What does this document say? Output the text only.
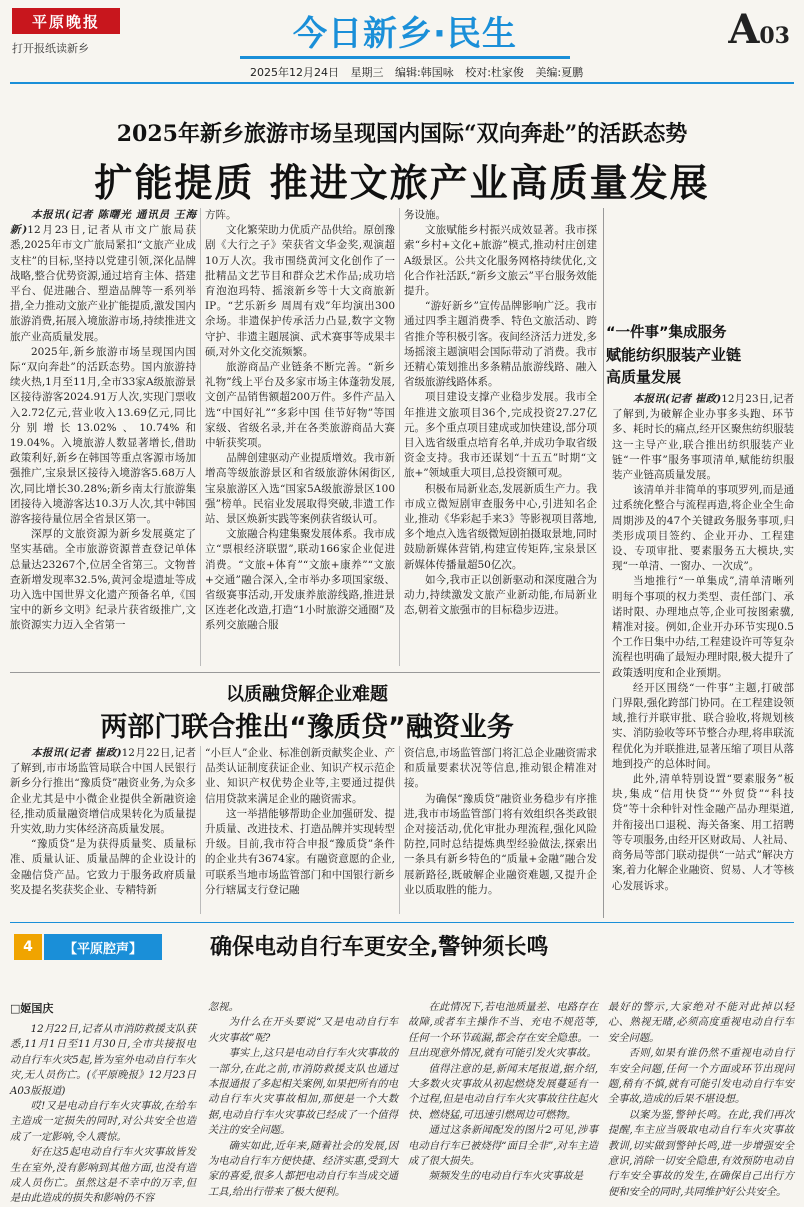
平原晚报
打开报纸读新乡	今日新乡·民生	A03
2025年12月24日 星期三 编辑:韩国咏 校对:杜家俊 美编:夏鹏
2025年新乡旅游市场呈现国内国际“双向奔赴”的活跃态势
扩能提质 推进文旅产业高质量发展

本报讯(记者 陈曙光 通讯员 王海新)12月23日,记者从市文广旅局获悉,2025年市文广旅局紧扣“文旅产业成支柱”的目标,坚持以党建引领,深化品牌战略,整合优势资源,通过培育主体、搭建平台、促进融合、塑造品牌等一系列举措,全力推动文旅产业扩能提质,激发国内旅游消费,拓展入境旅游市场,持续推进文旅产业高质量发展。

2025年,新乡旅游市场呈现国内国际“双向奔赴”的活跃态势。国内旅游持续火热,1月至11月,全市33家A级旅游景区接待游客2024.91万人次,实现门票收入2.72亿元,营业收入13.69亿元,同比分别增长13.02%、10.74%和19.04%。入境旅游人数显著增长,借助政策利好,新乡在韩国等重点客源市场加强推广,宝泉景区接待入境游客5.68万人次,同比增长30.28%;新乡南太行旅游集团接待入境游客达10.3万人次,其中韩国游客接待量位居全省景区第一。

深厚的文旅资源为新乡发展奠定了坚实基础。全市旅游资源普查登记单体总量达23267个,位居全省第三。文物普查新增发现率32.5%,黄河金堤遗址等成功入选中国世界文化遗产预备名单,《国宝中的新乡文明》纪录片获省级推广,文旅资源实力迈入全省第一

方阵。

文化繁荣助力优质产品供给。原创豫剧《大行之子》荣获省文华金奖,观演超10万人次。我市围绕黄河文化创作了一批精品文艺节目和群众艺术作品;成功培育泡泡玛特、摇滚新乡等十大文商旅新IP。“艺乐新乡 周周有戏”年均演出300余场。非遗保护传承活力凸显,数字文物守护、非遗主题展演、武术赛事等成果丰硕,对外文化交流频繁。

旅游商品产业链条不断完善。“新乡礼物”线上平台及多家市场主体蓬勃发展,文创产品销售额超200万件。多件产品入选“中国好礼”“多彩中国 佳节好物”等国家级、省级名录,并在各类旅游商品大赛中斩获奖项。

品牌创建驱动产业提质增效。我市新增高等级旅游景区和省级旅游休闲街区,宝泉旅游区入选“国家5A级旅游景区100强”榜单。民宿业发展取得突破,非遗工作站、景区焕新实践等案例获省级认可。

文旅融合构建集聚发展体系。我市成立“票根经济联盟”,联动166家企业促进消费。“文旅+体育”“文旅+康养”“文旅+交通”融合深入,全市举办多项国家级、省级赛事活动,开发康养旅游线路,推进景区连老化改造,打造“1小时旅游交通圈”及系列交旅融合服

务设施。

文旅赋能乡村振兴成效显著。我市探索“乡村+文化+旅游”模式,推动村庄创建A级景区。公共文化服务网格持续优化,文化合作社活跃,“新乡文旅云”平台服务效能提升。

“游好新乡”宣传品牌影响广泛。我市通过四季主题消费季、特色文旅活动、跨省推介等积极引客。夜间经济活力迸发,多场摇滚主题演唱会国际带动了消费。我市还精心策划推出多条精品旅游线路、融入省级旅游线路体系。

项目建设支撑产业稳步发展。我市全年推进文旅项目36个,完成投资27.27亿元。多个重点项目建成或加快建设,部分项目入选省级重点培育名单,并成功争取省级资金支持。我市还谋划“十五五”时期“文旅+”领域重大项目,总投资额可观。

积极布局新业态,发展新质生产力。我市成立微短剧审查服务中心,引进知名企业,推动《华彩起手来3》等影视项目落地,多个地点入选省级微短剧拍摄取景地,同时鼓励新媒体营销,构建宣传矩阵,宝泉景区新媒体传播量超50亿次。

如今,我市正以创新驱动和深度融合为动力,持续激发文旅产业新动能,布局新业态,朝着文旅强市的目标稳步迈进。

“一件事”集成服务
赋能纺织服装产业链
高质量发展

本报讯(记者 崔政)12月23日,记者了解到,为破解企业办事多头跑、环节多、耗时长的痛点,经开区聚焦纺织服装这一主导产业,联合推出纺织服装产业链“一件事”服务事项清单,赋能纺织服装产业链高质量发展。

该清单并非简单的事项罗列,而是通过系统化整合与流程再造,将企业全生命周期涉及的47个关键政务服务事项,归类形成项目签约、企业开办、工程建设、专项审批、要素服务五大模块,实现“一单清、一窗办、一次成”。

当地推行“一单集成”,清单清晰列明每个事项的权力类型、责任部门、承诺时限、办理地点等,企业可按图索骥,精准对接。例如,企业开办环节实现0.5个工作日集中办结,工程建设许可等复杂流程也明确了最短办理时限,极大提升了政策透明度和企业预期。

经开区围绕“一件事”主题,打破部门界限,强化跨部门协同。在工程建设领域,推行并联审批、联合验收,将规划核实、消防验收等环节整合办理,将串联流程优化为并联推进,显著压缩了项目从落地到投产的总体时间。

此外,清单特别设置“要素服务”板块,集成“信用快贷”“外贸贷”“科技贷”等十余种针对性金融产品办理渠道,并衔接出口退税、海关备案、用工招聘等专项服务,由经开区财政局、人社局、商务局等部门联动提供“一站式”解决方案,着力化解企业融资、贸易、人才等核心发展诉求。

以质融贷解企业难题
两部门联合推出“豫质贷”融资业务

本报讯(记者 崔政)12月22日,记者了解到,市市场监管局联合中国人民银行新乡分行推出“豫质贷”融资业务,为众多企业尤其是中小微企业提供全新融资途径,推动质量融资增信成果转化为质量提升实效,助力实体经济高质量发展。

“豫质贷”是为获得质量奖、质量标准、质量认证、质量品牌的企业设计的金融信贷产品。它致力于服务政府质量奖及提名奖获奖企业、专精特新

“小巨人”企业、标准创新贡献奖企业、产品类认证制度获证企业、知识产权示范企业、知识产权优势企业等,主要通过提供信用贷款来满足企业的融资需求。

这一举措能够帮助企业加强研发、提升质量、改进技术、打造品牌并实现转型升级。目前,我市符合申报“豫质贷”条件的企业共有3674家。有融资意愿的企业,可联系当地市场监管部门和中国银行新乡分行辖属支行登记融

资信息,市场监管部门将汇总企业融资需求和质量要素状况等信息,推动银企精准对接。

为确保“豫质贷”融资业务稳步有序推进,我市市场监管部门将有效组织各类政银企对接活动,优化审批办理流程,强化风险防控,同时总结提炼典型经验做法,探索出一条具有新乡特色的“质量+金融”融合发展新路径,既破解企业融资难题,又提升企业以质取胜的能力。

4	【平原腔声】	确保电动自行车更安全,警钟须长鸣
□姬国庆

12月22日,记者从市消防救援支队获悉,11月1日至11月30日,全市共接报电动自行车火灾5起,皆为室外电动自行车火灾,无人员伤亡。(《平原晚报》12月23日A03版报道)

哎!又是电动自行车火灾事故,在给车主造成一定损失的同时,对公共安全也造成了一定影响,令人震惊。

好在这5起电动自行车火灾事故皆发生在室外,没有影响到其他方面,也没有造成人员伤亡。虽然这是不幸中的万幸,但是由此造成的损失和影响仍不容

忽视。

为什么在开头要说“又是电动自行车火灾事故”呢?

事实上,这只是电动自行车火灾事故的一部分,在此之前,市消防救援支队也通过本报通报了多起相关案例,如果把所有的电动自行车火灾事故相加,那便是一个大数据,电动自行车火灾事故已经成了一个值得关注的安全问题。

确实如此,近年来,随着社会的发展,因为电动自行车方便快捷、经济实惠,受到大家的喜爱,很多人都把电动自行车当成交通工具,给出行带来了极大便利。

在此情况下,若电池质量差、电路存在故障,或者车主操作不当、充电不规范等,任何一个环节疏漏,都会存在安全隐患。一旦出现意外情况,就有可能引发火灾事故。

值得注意的是,新闻末尾报道,据介绍,大多数火灾事故从初起燃烧发展蔓延有一个过程,但是电动自行车火灾事故往往起火快、燃烧猛,可迅速引燃周边可燃物。

通过这条新闻配发的图片2可见,涉事电动自行车已被烧得“面目全非”,对车主造成了很大损失。

频频发生的电动自行车火灾事故是

最好的警示,大家绝对不能对此掉以轻心、熟视无睹,必须高度重视电动自行车安全问题。

否则,如果有谁仍然不重视电动自行车安全问题,任何一个方面或环节出现问题,稍有不慎,就有可能引发电动自行车安全事故,造成的后果不堪设想。

以案为鉴,警钟长鸣。在此,我们再次提醒,车主应当吸取电动自行车火灾事故教训,切实做到警钟长鸣,进一步增强安全意识,消除一切安全隐患,有效预防电动自行车安全事故的发生,在确保自己出行方便和安全的同时,共同维护好公共安全。
